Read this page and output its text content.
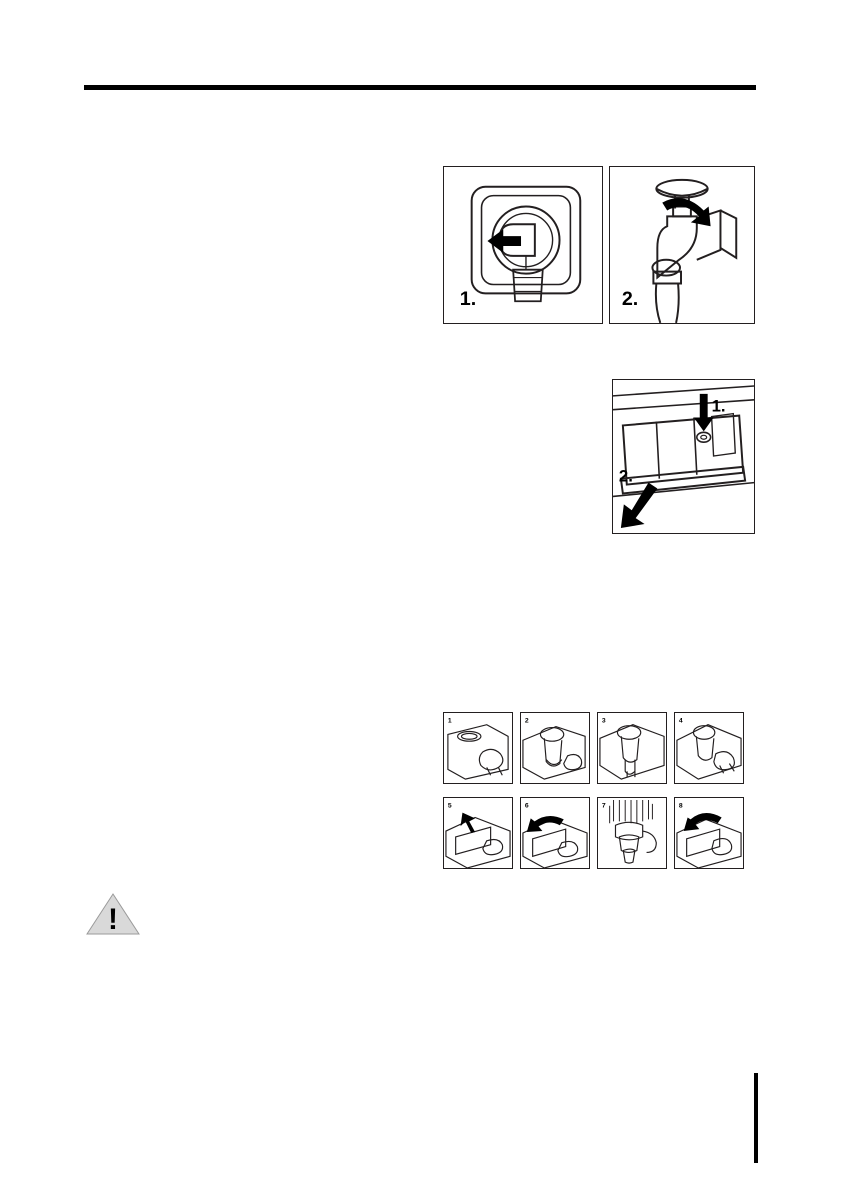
1.	2.
1.
2.
1	2	3	4
5	6	7	8
!
